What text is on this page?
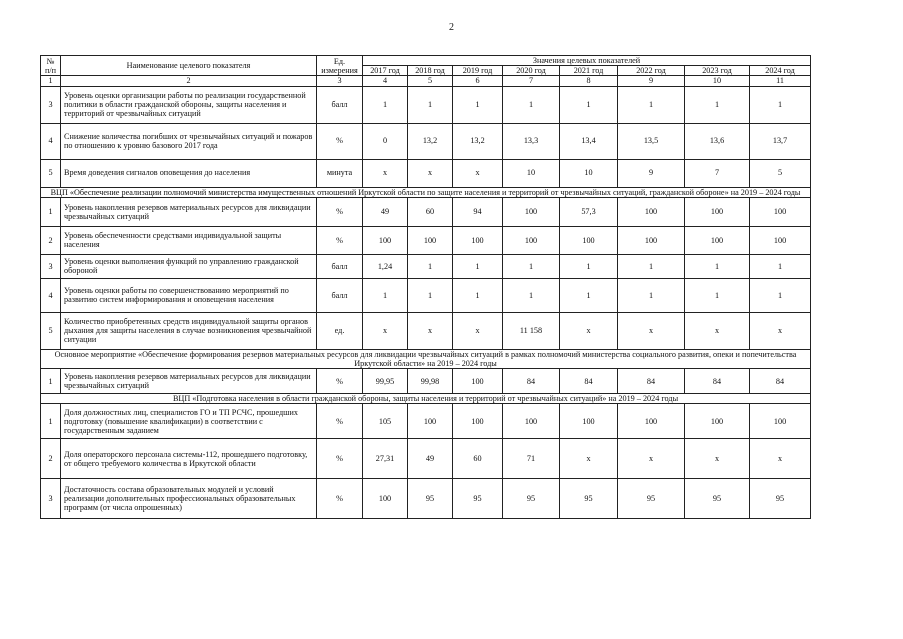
2
№ п/п	Наименование целевого показателя	Ед. измерения	Значения целевых показателей							
			2017 год	2018 год	2019 год	2020 год	2021 год	2022 год	2023 год	2024 год
1	2	3	4	5	6	7	8	9	10	11
3	Уровень оценки организации работы по реализации государственной политики в области гражданской обороны, защиты населения и территорий от чрезвычайных ситуаций	балл	1	1	1	1	1	1	1	1
4	Снижение количества погибших от чрезвычайных ситуаций и пожаров по отношению к уровню базового 2017 года	%	0	13,2	13,2	13,3	13,4	13,5	13,6	13,7
5	Время доведения сигналов оповещения до населения	минута	х	х	х	10	10	9	7	5
ВЦП «Обеспечение реализации полномочий министерства имущественных отношений Иркутской области по защите населения и территорий от чрезвычайных ситуаций, гражданской обороне» на 2019 – 2024 годы										
1	Уровень накопления резервов материальных ресурсов для ликвидации чрезвычайных ситуаций	%	49	60	94	100	57,3	100	100	100
2	Уровень обеспеченности средствами индивидуальной защиты населения	%	100	100	100	100	100	100	100	100
3	Уровень оценки выполнения функций по управлению гражданской обороной	балл	1,24	1	1	1	1	1	1	1
4	Уровень оценки работы по совершенствованию мероприятий по развитию систем информирования и оповещения населения	балл	1	1	1	1	1	1	1	1
5	Количество приобретенных средств индивидуальной защиты органов дыхания для защиты населения в случае возникновения чрезвычайной ситуации	ед.	х	х	х	11 158	х	х	х	х
Основное мероприятие «Обеспечение формирования резервов материальных ресурсов для ликвидации чрезвычайных ситуаций в рамках полномочий министерства социального развития, опеки и попечительства Иркутской области» на 2019 – 2024 годы										
1	Уровень накопления резервов материальных ресурсов для ликвидации чрезвычайных ситуаций	%	99,95	99,98	100	84	84	84	84	84
ВЦП «Подготовка населения в области гражданской обороны, защиты населения и территорий от чрезвычайных ситуаций» на 2019 – 2024 годы										
1	Доля должностных лиц, специалистов ГО и ТП РСЧС, прошедших подготовку (повышение квалификации) в соответствии с государственным заданием	%	105	100	100	100	100	100	100	100
2	Доля операторского персонала системы-112, прошедшего подготовку, от общего требуемого количества в Иркутской области	%	27,31	49	60	71	х	х	х	х
3	Достаточность состава образовательных модулей и условий реализации дополнительных профессиональных образовательных программ (от числа опрошенных)	%	100	95	95	95	95	95	95	95
